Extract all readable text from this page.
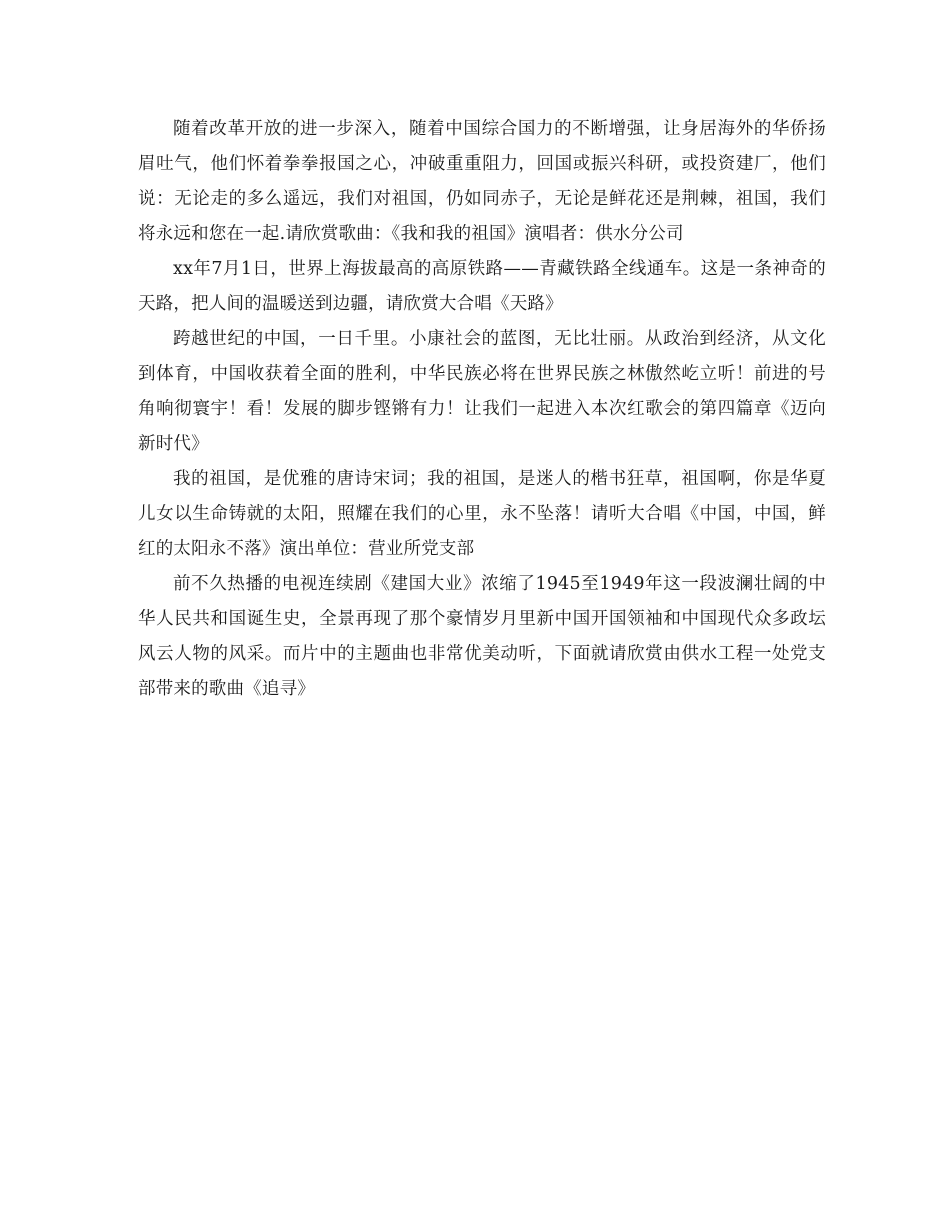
随着改革开放的进一步深入，随着中国综合国力的不断增强，让身居海外的华侨扬眉吐气，他们怀着拳拳报国之心，冲破重重阻力，回国或振兴科研，或投资建厂，他们说：无论走的多么遥远，我们对祖国，仍如同赤子，无论是鲜花还是荆棘，祖国，我们将永远和您在一起.请欣赏歌曲：《我和我的祖国》演唱者：供水分公司

xx年7月1日，世界上海拔最高的高原铁路——青藏铁路全线通车。这是一条神奇的天路，把人间的温暖送到边疆，请欣赏大合唱《天路》

跨越世纪的中国，一日千里。小康社会的蓝图，无比壮丽。从政治到经济，从文化到体育，中国收获着全面的胜利，中华民族必将在世界民族之林傲然屹立听！前进的号角响彻寰宇！看！发展的脚步铿锵有力！让我们一起进入本次红歌会的第四篇章《迈向新时代》

我的祖国，是优雅的唐诗宋词；我的祖国，是迷人的楷书狂草，祖国啊，你是华夏儿女以生命铸就的太阳，照耀在我们的心里，永不坠落！请听大合唱《中国，中国，鲜红的太阳永不落》演出单位：营业所党支部

前不久热播的电视连续剧《建国大业》浓缩了1945至1949年这一段波澜壮阔的中华人民共和国诞生史，全景再现了那个豪情岁月里新中国开国领袖和中国现代众多政坛风云人物的风采。而片中的主题曲也非常优美动听，下面就请欣赏由供水工程一处党支部带来的歌曲《追寻》
